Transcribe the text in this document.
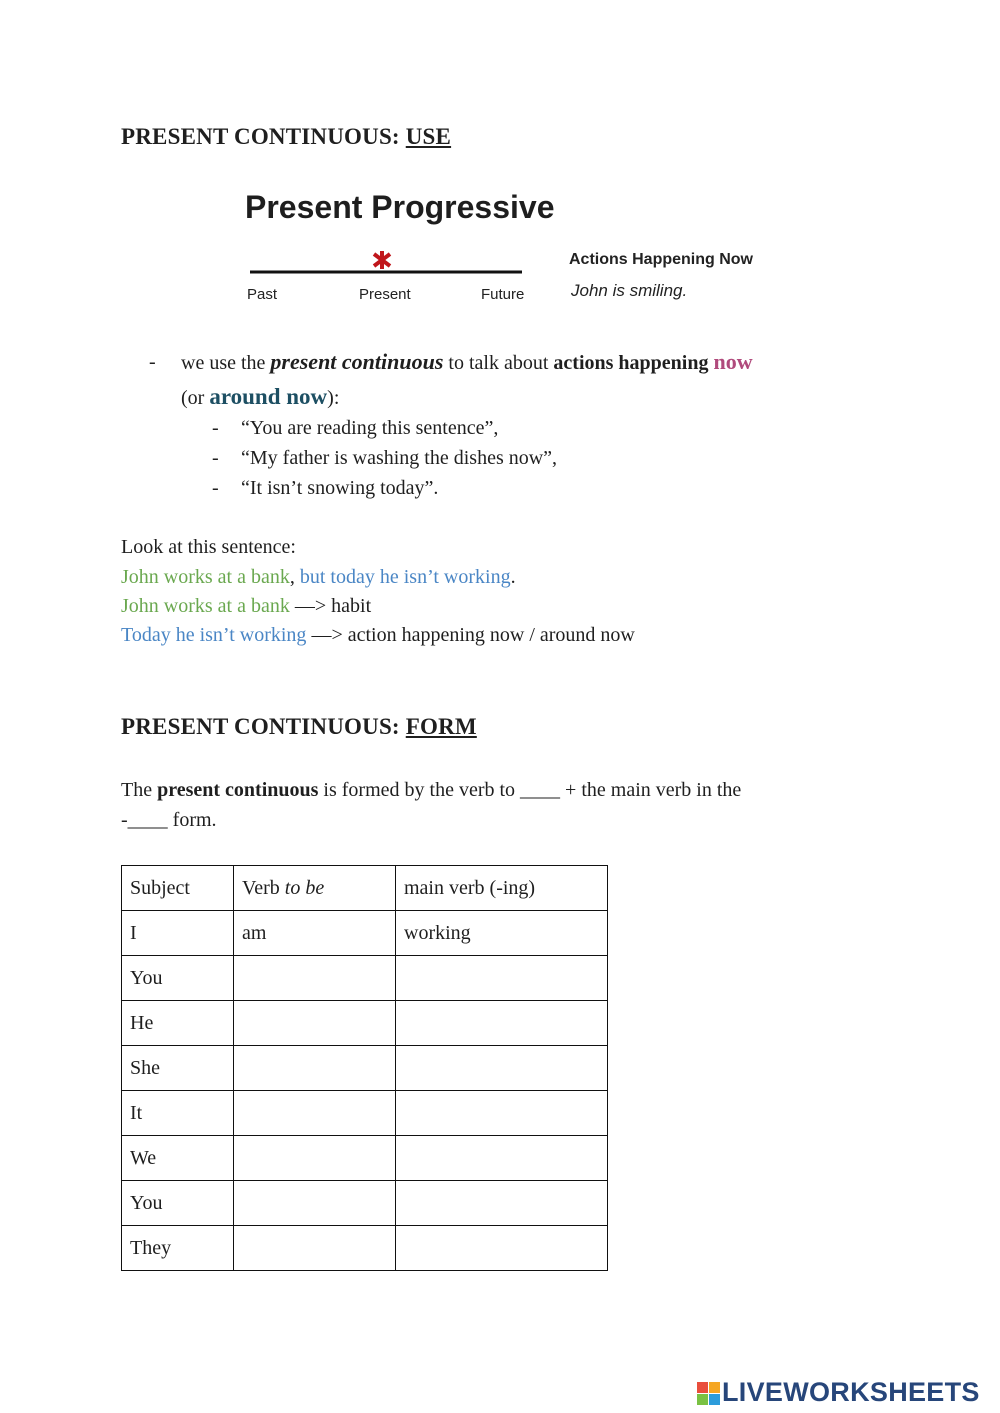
PRESENT CONTINUOUS: USE
Present Progressive
Past	Present	Future
Actions Happening Now
John is smiling.
- we use the present continuous to talk about actions happening now
(or around now):
- “You are reading this sentence”,
- “My father is washing the dishes now”,
- “It isn’t snowing today”.
Look at this sentence:
John works at a bank, but today he isn’t working.
John works at a bank —> habit
Today he isn’t working —> action happening now / around now
PRESENT CONTINUOUS: FORM
The present continuous is formed by the verb to ____ + the main verb in the
-____ form.
Subject	Verb to be	main verb (-ing)
I	am	working
You		
He		
She		
It		
We		
You		
They		
LIVEWORKSHEETS
